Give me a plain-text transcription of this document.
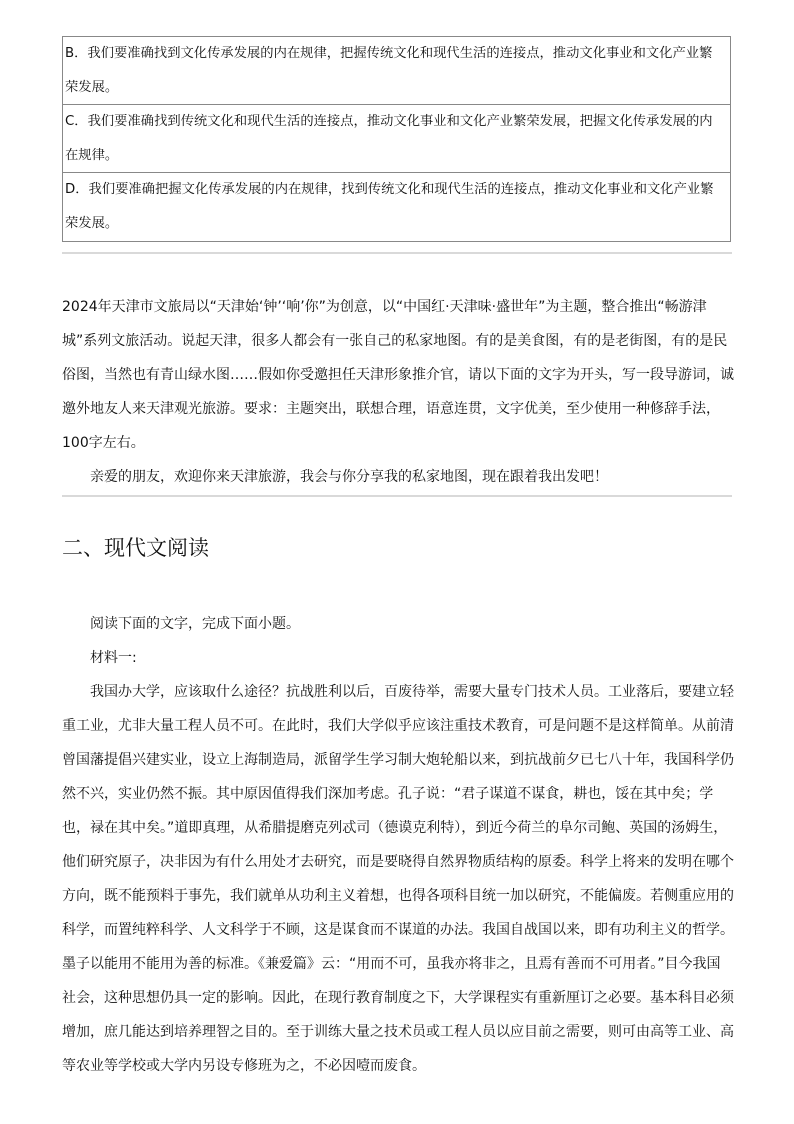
B．我们要准确找到文化传承发展的内在规律，把握传统文化和现代生活的连接点，推动文化事业和文化产业繁荣发展。
C．我们要准确找到传统文化和现代生活的连接点，推动文化事业和文化产业繁荣发展，把握文化传承发展的内在规律。
D．我们要准确把握文化传承发展的内在规律，找到传统文化和现代生活的连接点，推动文化事业和文化产业繁荣发展。

2024年天津市文旅局以“天津始‘钟’‘响’你”为创意，以“中国红·天津味·盛世年”为主题，整合推出“畅游津城”系列文旅活动。说起天津，很多人都会有一张自己的私家地图。有的是美食图，有的是老街图，有的是民俗图，当然也有青山绿水图……假如你受邀担任天津形象推介官，请以下面的文字为开头，写一段导游词，诚邀外地友人来天津观光旅游。要求：主题突出，联想合理，语意连贯，文字优美，至少使用一种修辞手法，100字左右。

亲爱的朋友，欢迎你来天津旅游，我会与你分享我的私家地图，现在跟着我出发吧！

二、现代文阅读

阅读下面的文字，完成下面小题。

材料一:

我国办大学，应该取什么途径？抗战胜利以后，百废待举，需要大量专门技术人员。工业落后，要建立轻重工业，尤非大量工程人员不可。在此时，我们大学似乎应该注重技术教育，可是问题不是这样简单。从前清曾国藩提倡兴建实业，设立上海制造局，派留学生学习制大炮轮船以来，到抗战前夕已七八十年，我国科学仍然不兴，实业仍然不振。其中原因值得我们深加考虑。孔子说：“君子谋道不谋食，耕也，馁在其中矣；学也，禄在其中矣。”道即真理，从希腊提磨克列忒司（德谟克利特），到近今荷兰的阜尔司鲍、英国的汤姆生，他们研究原子，决非因为有什么用处才去研究，而是要晓得自然界物质结构的原委。科学上将来的发明在哪个方向，既不能预料于事先，我们就单从功利主义着想，也得各项科目统一加以研究，不能偏废。若侧重应用的科学，而置纯粹科学、人文科学于不顾，这是谋食而不谋道的办法。我国自战国以来，即有功利主义的哲学。墨子以能用不能用为善的标准。《兼爱篇》云：“用而不可，虽我亦将非之，且焉有善而不可用者。”目今我国社会，这种思想仍具一定的影响。因此，在现行教育制度之下，大学课程实有重新厘订之必要。基本科目必须增加，庶几能达到培养理智之目的。至于训练大量之技术员或工程人员以应目前之需要，则可由高等工业、高等农业等学校或大学内另设专修班为之，不必因噎而废食。
